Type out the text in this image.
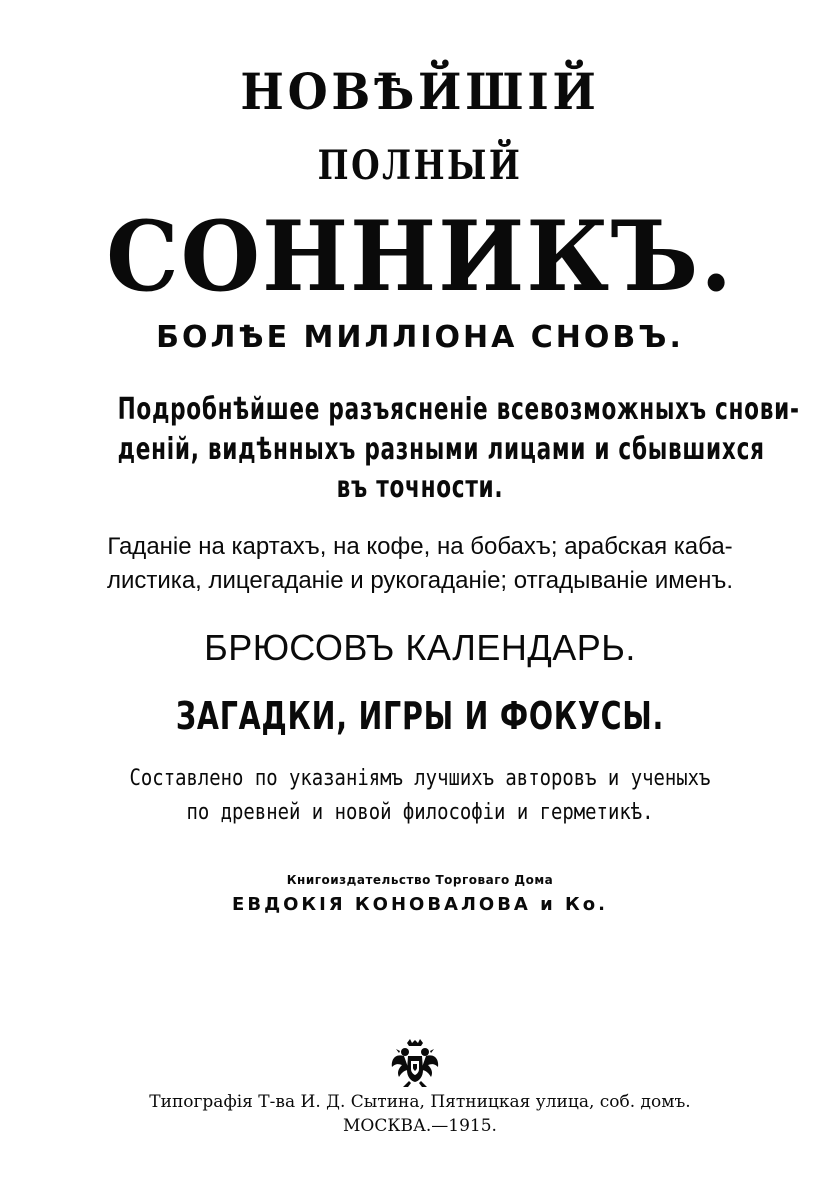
НОВѢЙШІЙ
ПОЛНЫЙ
СОННИКЪ.
БОЛѢЕ МИЛЛІОНА СНОВЪ.
Подробнѣйшее разъясненіе всевозможныхъ снови-
деній, видѣнныхъ разными лицами и сбывшихся
въ точности.
Гаданіе на картахъ, на кофе, на бобахъ; арабская каба-
листика, лицегаданіе и рукогаданіе; отгадываніе именъ.
БРЮСОВЪ КАЛЕНДАРЬ.
ЗАГАДКИ, ИГРЫ И ФОКУСЫ.
Составлено по указаніямъ лучшихъ авторовъ и ученыхъ
по древней и новой философіи и герметикѣ.
Книгоиздательство Торговаго Дома
ЕВДОКІЯ КОНОВАЛОВА и Ко.
Типографія Т-ва И. Д. Сытина, Пятницкая улица, соб. домъ.
МОСКВА.—1915.
